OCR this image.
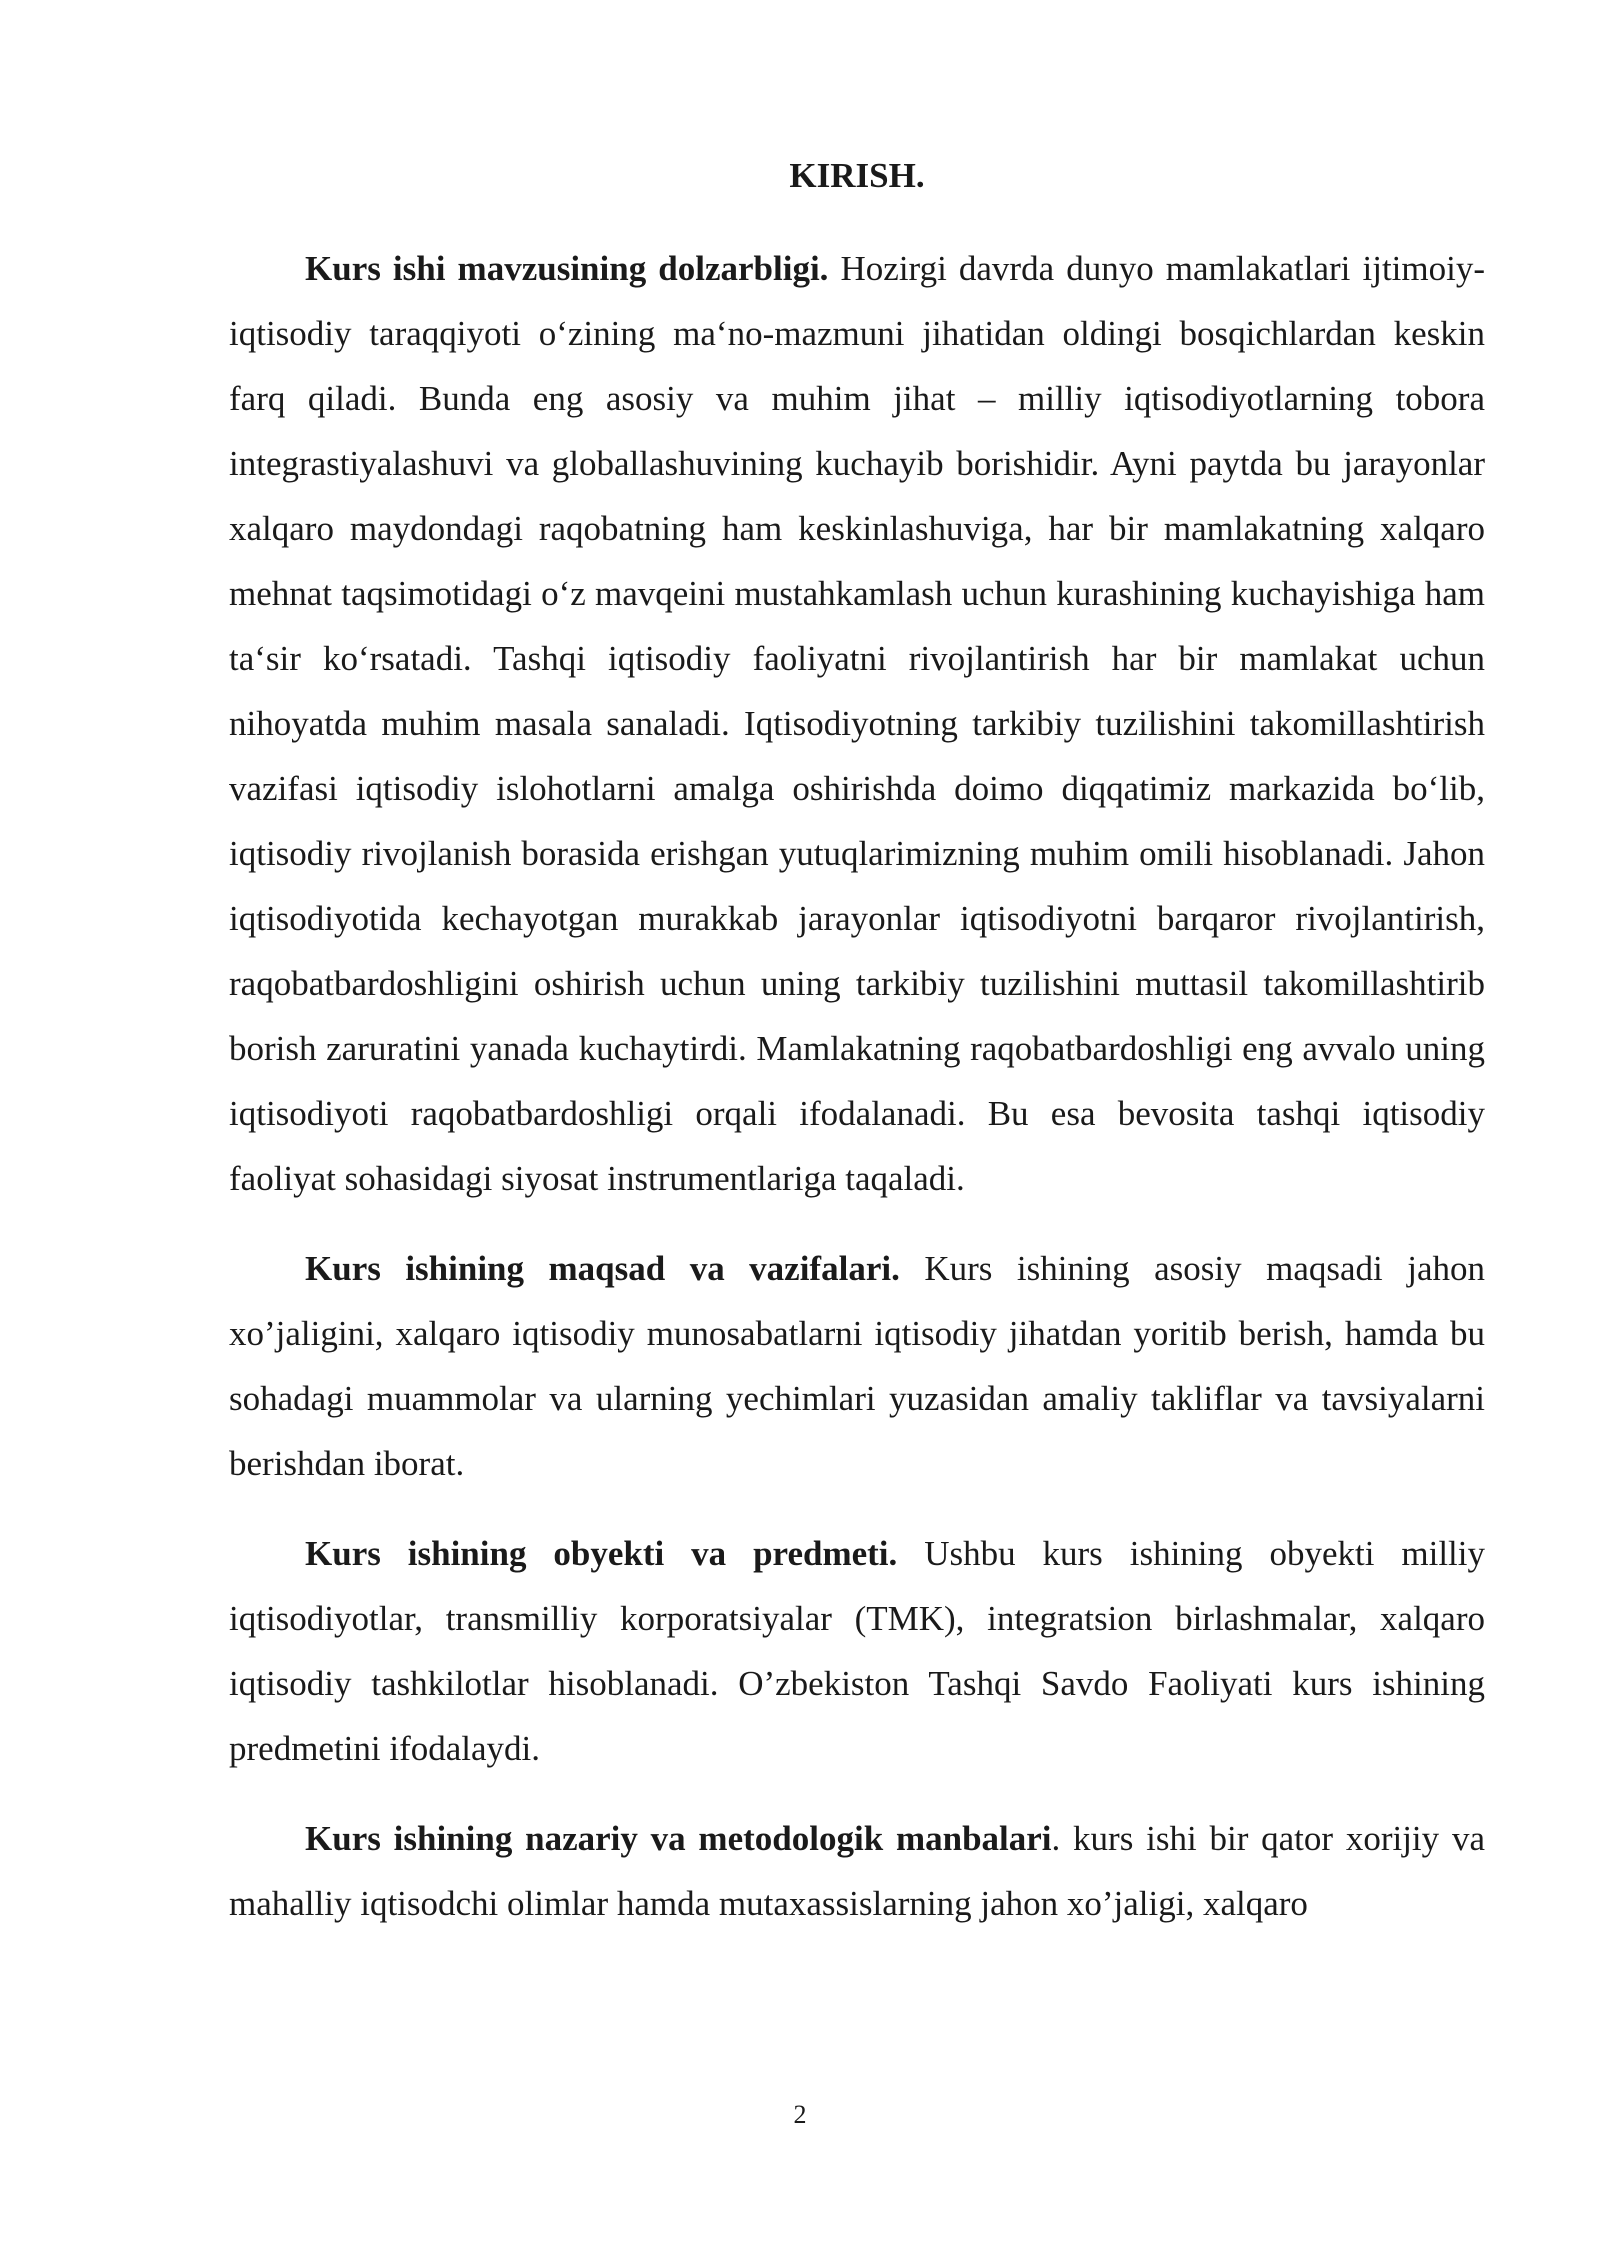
KIRISH.

Kurs ishi mavzusining dolzarbligi. Hozirgi davrda dunyo mamlakatlari ijtimoiy- iqtisodiy taraqqiyoti o‘zining ma‘no-mazmuni jihatidan oldingi bosqichlardan keskin farq qiladi. Bunda eng asosiy va muhim jihat – milliy iqtisodiyotlarning tobora integrastiyalashuvi va globallashuvining kuchayib borishidir. Ayni paytda bu jarayonlar xalqaro maydondagi raqobatning ham keskinlashuviga, har bir mamlakatning xalqaro mehnat taqsimotidagi o‘z mavqeini mustahkamlash uchun kurashining kuchayishiga ham ta‘sir ko‘rsatadi. Tashqi iqtisodiy faoliyatni rivojlantirish har bir mamlakat uchun nihoyatda muhim masala sanaladi. Iqtisodiyotning tarkibiy tuzilishini takomillashtirish vazifasi iqtisodiy islohotlarni amalga oshirishda doimo diqqatimiz markazida bo‘lib, iqtisodiy rivojlanish borasida erishgan yutuqlarimizning muhim omili hisoblanadi. Jahon iqtisodiyotida kechayotgan murakkab jarayonlar iqtisodiyotni barqaror rivojlantirish, raqobatbardoshligini oshirish uchun uning tarkibiy tuzilishini muttasil takomillashtirib borish zaruratini yanada kuchaytirdi. Mamlakatning raqobatbardoshligi eng avvalo uning iqtisodiyoti raqobatbardoshligi orqali ifodalanadi. Bu esa bevosita tashqi iqtisodiy faoliyat sohasidagi siyosat instrumentlariga taqaladi.

Kurs ishining maqsad va vazifalari. Kurs ishining asosiy maqsadi jahon xo’jaligini, xalqaro iqtisodiy munosabatlarni iqtisodiy jihatdan yoritib berish, hamda bu sohadagi muammolar va ularning yechimlari yuzasidan amaliy takliflar va tavsiyalarni berishdan iborat.

Kurs ishining obyekti va predmeti. Ushbu kurs ishining obyekti milliy iqtisodiyotlar, transmilliy korporatsiyalar (TMK), integratsion birlashmalar, xalqaro iqtisodiy tashkilotlar hisoblanadi. O’zbekiston Tashqi Savdo Faoliyati kurs ishining predmetini ifodalaydi.

Kurs ishining nazariy va metodologik manbalari. kurs ishi bir qator xorijiy va mahalliy iqtisodchi olimlar hamda mutaxassislarning jahon xo’jaligi, xalqaro

2
